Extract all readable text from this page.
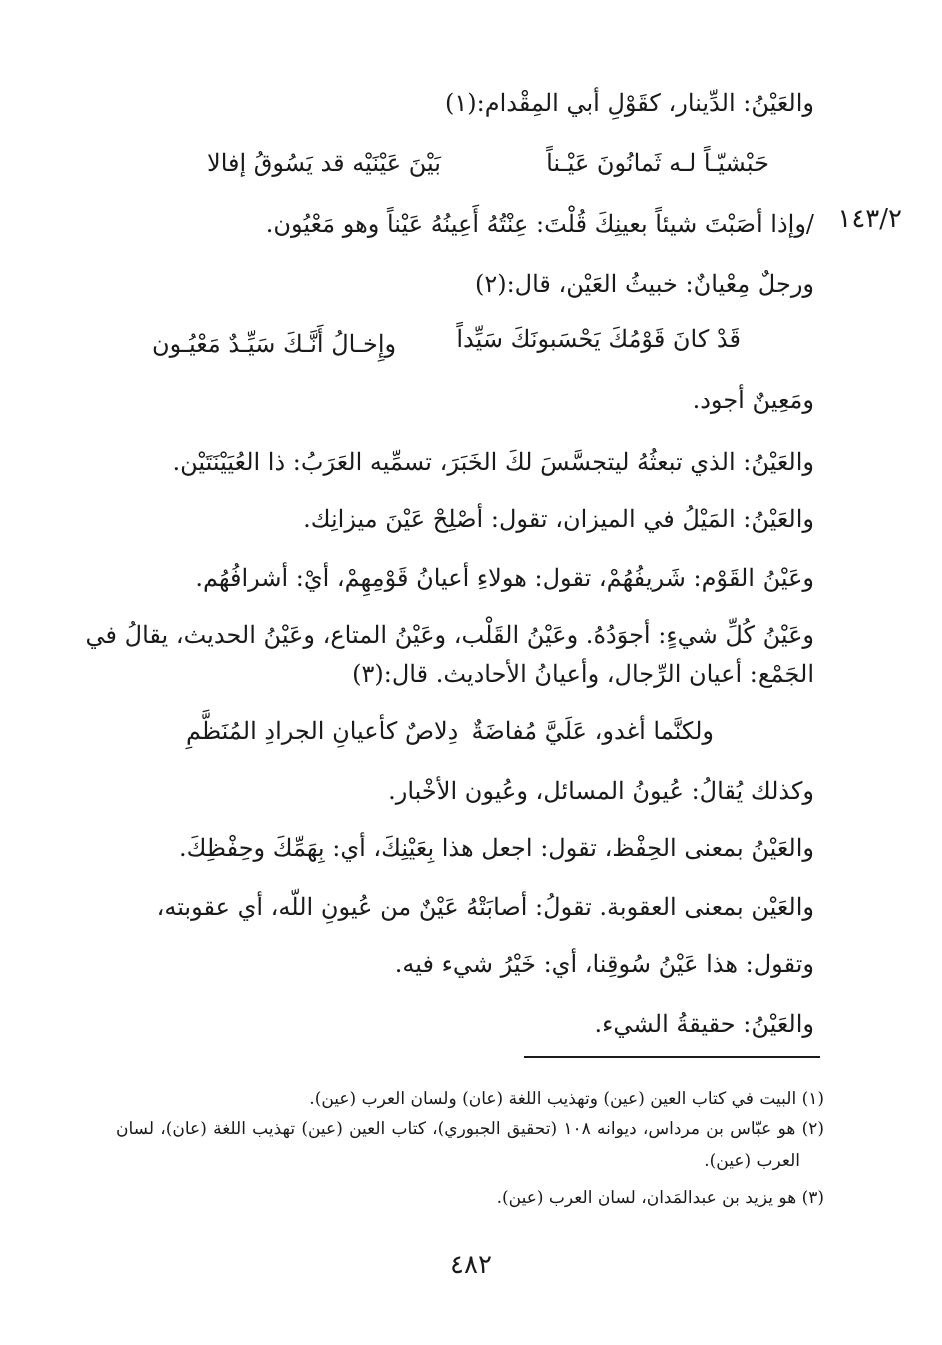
١٤٣/٢
والعَيْنُ: الدِّينار، كقَوْلِ أبي المِقْدام:(١)
حَبْشيّـاً لـه ثَمانُونَ عَيْـناً
بَيْنَ عَيْنَيْه قد يَسُوقُ إفالا
/وإذا أصَبْتَ شيئاً بعينِكَ قُلْتَ: عِنْتُهُ أَعِينُهُ عَيْناً وهو مَعْيُون.
ورجلٌ مِعْيانٌ: خبيثُ العَيْن، قال:(٢)
قَدْ كانَ قَوْمُكَ يَحْسَبونَكَ سَيِّداً
وإِخـالُ أَنَّـكَ سَيِّـدٌ مَعْيُـون
ومَعِينٌ أجود.
والعَيْنُ: الذي تبعثُهُ ليتجسَّسَ لكَ الخَبَرَ، تسمِّيه العَرَبُ: ذا العُيَيْنَتَيْن.
والعَيْنُ: المَيْلُ في الميزان، تقول: أصْلِحْ عَيْنَ ميزانِك.
وعَيْنُ القَوْم: شَريفُهُمْ، تقول: هولاءِ أعيانُ قَوْمِهِمْ، أيْ: أشرافُهُم.
وعَيْنُ كُلِّ شيءٍ: أجوَدُهُ. وعَيْنُ القَلْب، وعَيْنُ المتاع، وعَيْنُ الحديث، يقالُ في
الجَمْع: أعيان الرِّجال، وأعيانُ الأحاديث. قال:(٣)
ولكنَّما أغدو، عَلَيَّ مُفاضَةٌ
دِلاصٌ كأعيانِ الجرادِ المُنَظَّمِ
وكذلك يُقالُ: عُيونُ المسائل، وعُيون الأخْبار.
والعَيْنُ بمعنى الحِفْظ، تقول: اجعل هذا بِعَيْنِكَ، أي: بِهَمِّكَ وحِفْظِكَ.
والعَيْن بمعنى العقوبة. تقولُ: أصابَتْهُ عَيْنٌ من عُيونِ اللّه، أي عقوبته،
وتقول: هذا عَيْنُ سُوقِنا، أي: خَيْرُ شيء فيه.
والعَيْنُ: حقيقةُ الشيء.
(١) البيت في كتاب العين (عين) وتهذيب اللغة (عان) ولسان العرب (عين).
(٢) هو عبّاس بن مرداس، ديوانه ١٠٨ (تحقيق الجبوري)، كتاب العين (عين) تهذيب اللغة (عان)، لسان
العرب (عين).
(٣) هو يزيد بن عبدالمَدان، لسان العرب (عين).
٤٨٢
